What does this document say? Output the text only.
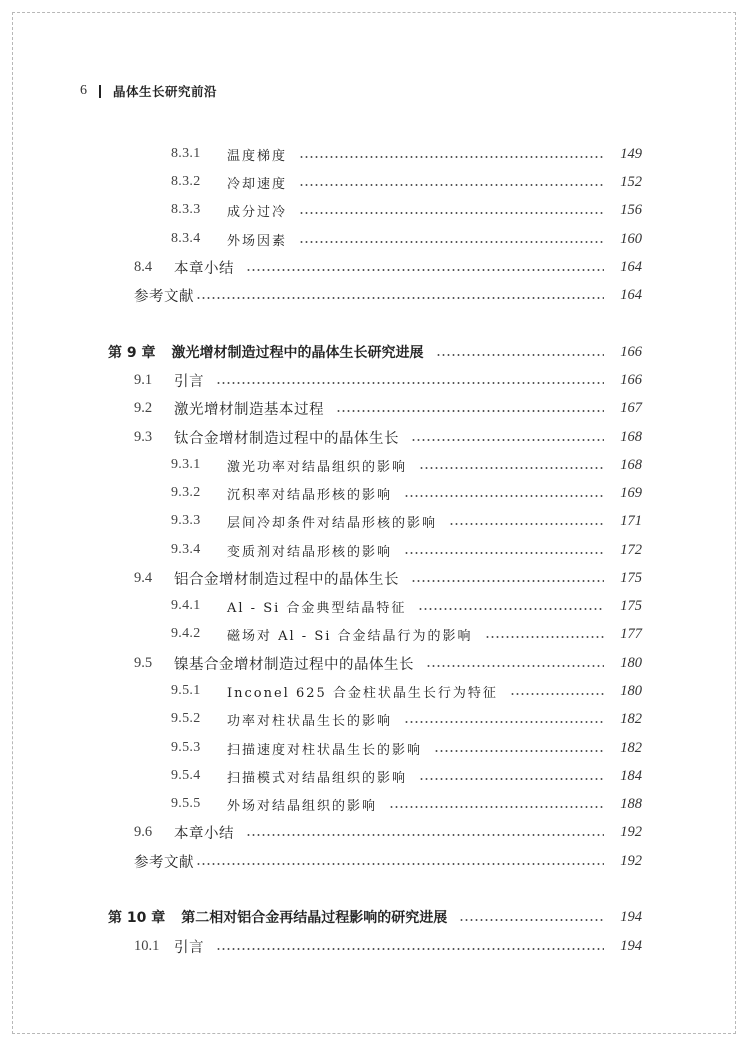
6 晶体生长研究前沿
8.3.1	温度梯度	149
8.3.2	冷却速度	152
8.3.3	成分过冷	156
8.3.4	外场因素	160
8.4 本章小结	164
参考文献	164
第 9 章 激光增材制造过程中的晶体生长研究进展	166
9.1 引言	166
9.2 激光增材制造基本过程	167
9.3 钛合金增材制造过程中的晶体生长	168
9.3.1	激光功率对结晶组织的影响	168
9.3.2	沉积率对结晶形核的影响	169
9.3.3	层间冷却条件对结晶形核的影响	171
9.3.4	变质剂对结晶形核的影响	172
9.4 铝合金增材制造过程中的晶体生长	175
9.4.1	Al - Si 合金典型结晶特征	175
9.4.2	磁场对 Al - Si 合金结晶行为的影响	177
9.5 镍基合金增材制造过程中的晶体生长	180
9.5.1	Inconel 625 合金柱状晶生长行为特征	180
9.5.2	功率对柱状晶生长的影响	182
9.5.3	扫描速度对柱状晶生长的影响	182
9.5.4	扫描模式对结晶组织的影响	184
9.5.5	外场对结晶组织的影响	188
9.6 本章小结	192
参考文献	192
第 10 章 第二相对铝合金再结晶过程影响的研究进展	194
10.1 引言	194
